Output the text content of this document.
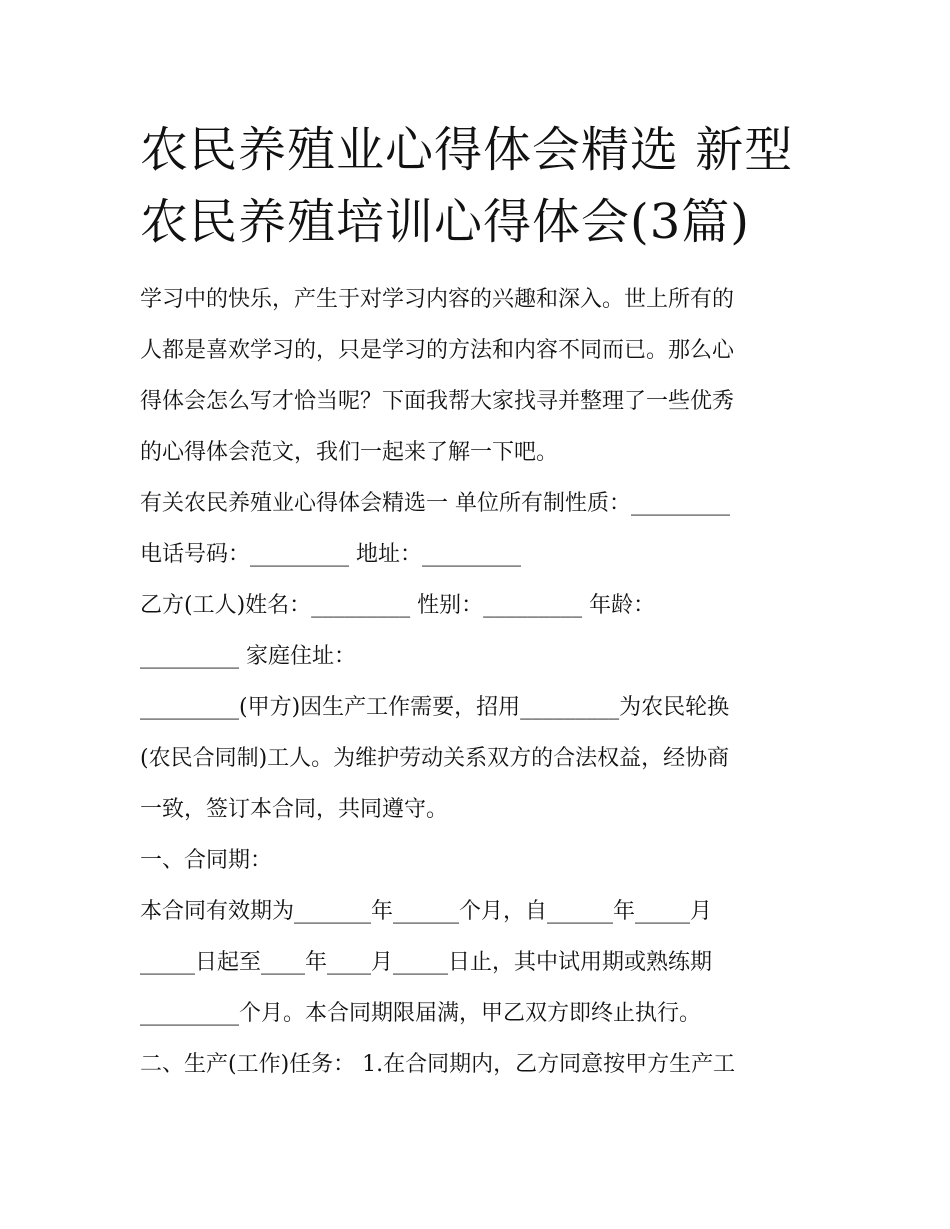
农民养殖业心得体会精选 新型
农民养殖培训心得体会(3篇)

学习中的快乐，产生于对学习内容的兴趣和深入。世上所有的

人都是喜欢学习的，只是学习的方法和内容不同而已。那么心

得体会怎么写才恰当呢？下面我帮大家找寻并整理了一些优秀

的心得体会范文，我们一起来了解一下吧。

有关农民养殖业心得体会精选一 单位所有制性质：_________

电话号码：_________ 地址：_________

乙方(工人)姓名：_________ 性别：_________ 年龄：

_________ 家庭住址：

_________(甲方)因生产工作需要，招用_________为农民轮换

(农民合同制)工人。为维护劳动关系双方的合法权益，经协商

一致，签订本合同，共同遵守。

一、合同期：

本合同有效期为_______年______个月，自______年_____月

_____日起至____年____月_____日止，其中试用期或熟练期

_________个月。本合同期限届满，甲乙双方即终止执行。

二、生产(工作)任务： 1.在合同期内，乙方同意按甲方生产工
